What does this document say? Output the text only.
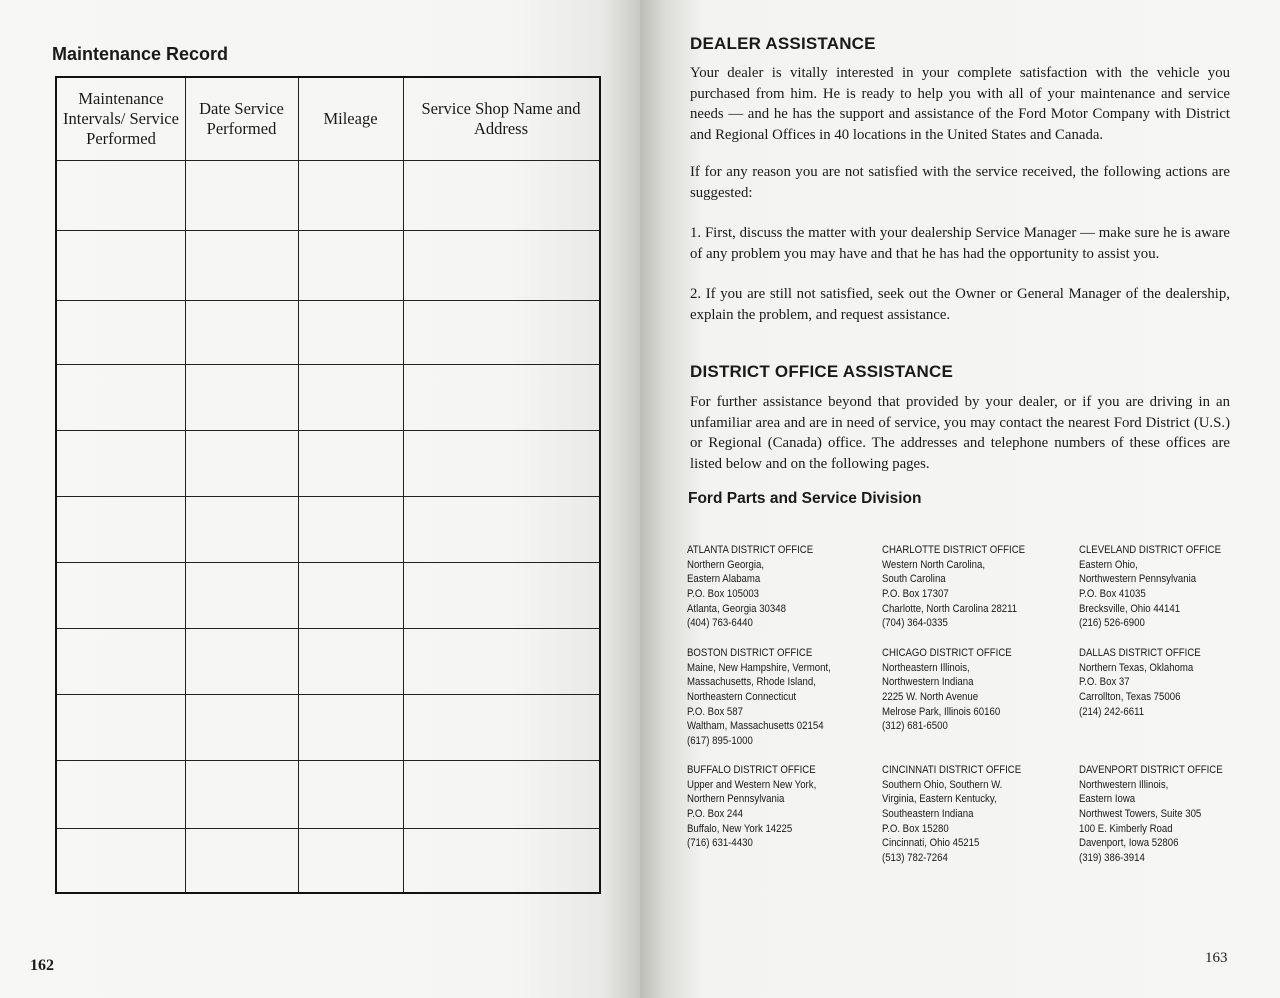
Maintenance Record
Maintenance Intervals/ Service Performed
Date Service Performed
Mileage
Service Shop Name and Address
162
DEALER ASSISTANCE
Your dealer is vitally interested in your complete satisfaction with the vehicle you purchased from him. He is ready to help you with all of your maintenance and service needs — and he has the support and assistance of the Ford Motor Company with District and Regional Offices in 40 locations in the United States and Canada.
If for any reason you are not satisfied with the service received, the following actions are suggested:
1. First, discuss the matter with your dealership Service Manager — make sure he is aware of any problem you may have and that he has had the opportunity to assist you.
2. If you are still not satisfied, seek out the Owner or General Manager of the dealership, explain the problem, and request assistance.
DISTRICT OFFICE ASSISTANCE
For further assistance beyond that provided by your dealer, or if you are driving in an unfamiliar area and are in need of service, you may contact the nearest Ford District (U.S.) or Regional (Canada) office. The addresses and telephone numbers of these offices are listed below and on the following pages.
Ford Parts and Service Division

ATLANTA DISTRICT OFFICE
Northern Georgia,
Eastern Alabama
P.O. Box 105003
Atlanta, Georgia 30348
(404) 763-6440

CHARLOTTE DISTRICT OFFICE
Western North Carolina,
South Carolina
P.O. Box 17307
Charlotte, North Carolina 28211
(704) 364-0335

CLEVELAND DISTRICT OFFICE
Eastern Ohio,
Northwestern Pennsylvania
P.O. Box 41035
Brecksville, Ohio 44141
(216) 526-6900

BOSTON DISTRICT OFFICE
Maine, New Hampshire, Vermont,
Massachusetts, Rhode Island,
Northeastern Connecticut
P.O. Box 587
Waltham, Massachusetts 02154
(617) 895-1000

CHICAGO DISTRICT OFFICE
Northeastern Illinois,
Northwestern Indiana
2225 W. North Avenue
Melrose Park, Illinois 60160
(312) 681-6500

DALLAS DISTRICT OFFICE
Northern Texas, Oklahoma
P.O. Box 37
Carrollton, Texas 75006
(214) 242-6611

BUFFALO DISTRICT OFFICE
Upper and Western New York,
Northern Pennsylvania
P.O. Box 244
Buffalo, New York 14225
(716) 631-4430

CINCINNATI DISTRICT OFFICE
Southern Ohio, Southern W.
Virginia, Eastern Kentucky,
Southeastern Indiana
P.O. Box 15280
Cincinnati, Ohio 45215
(513) 782-7264

DAVENPORT DISTRICT OFFICE
Northwestern Illinois,
Eastern Iowa
Northwest Towers, Suite 305
100 E. Kimberly Road
Davenport, Iowa 52806
(319) 386-3914

163
